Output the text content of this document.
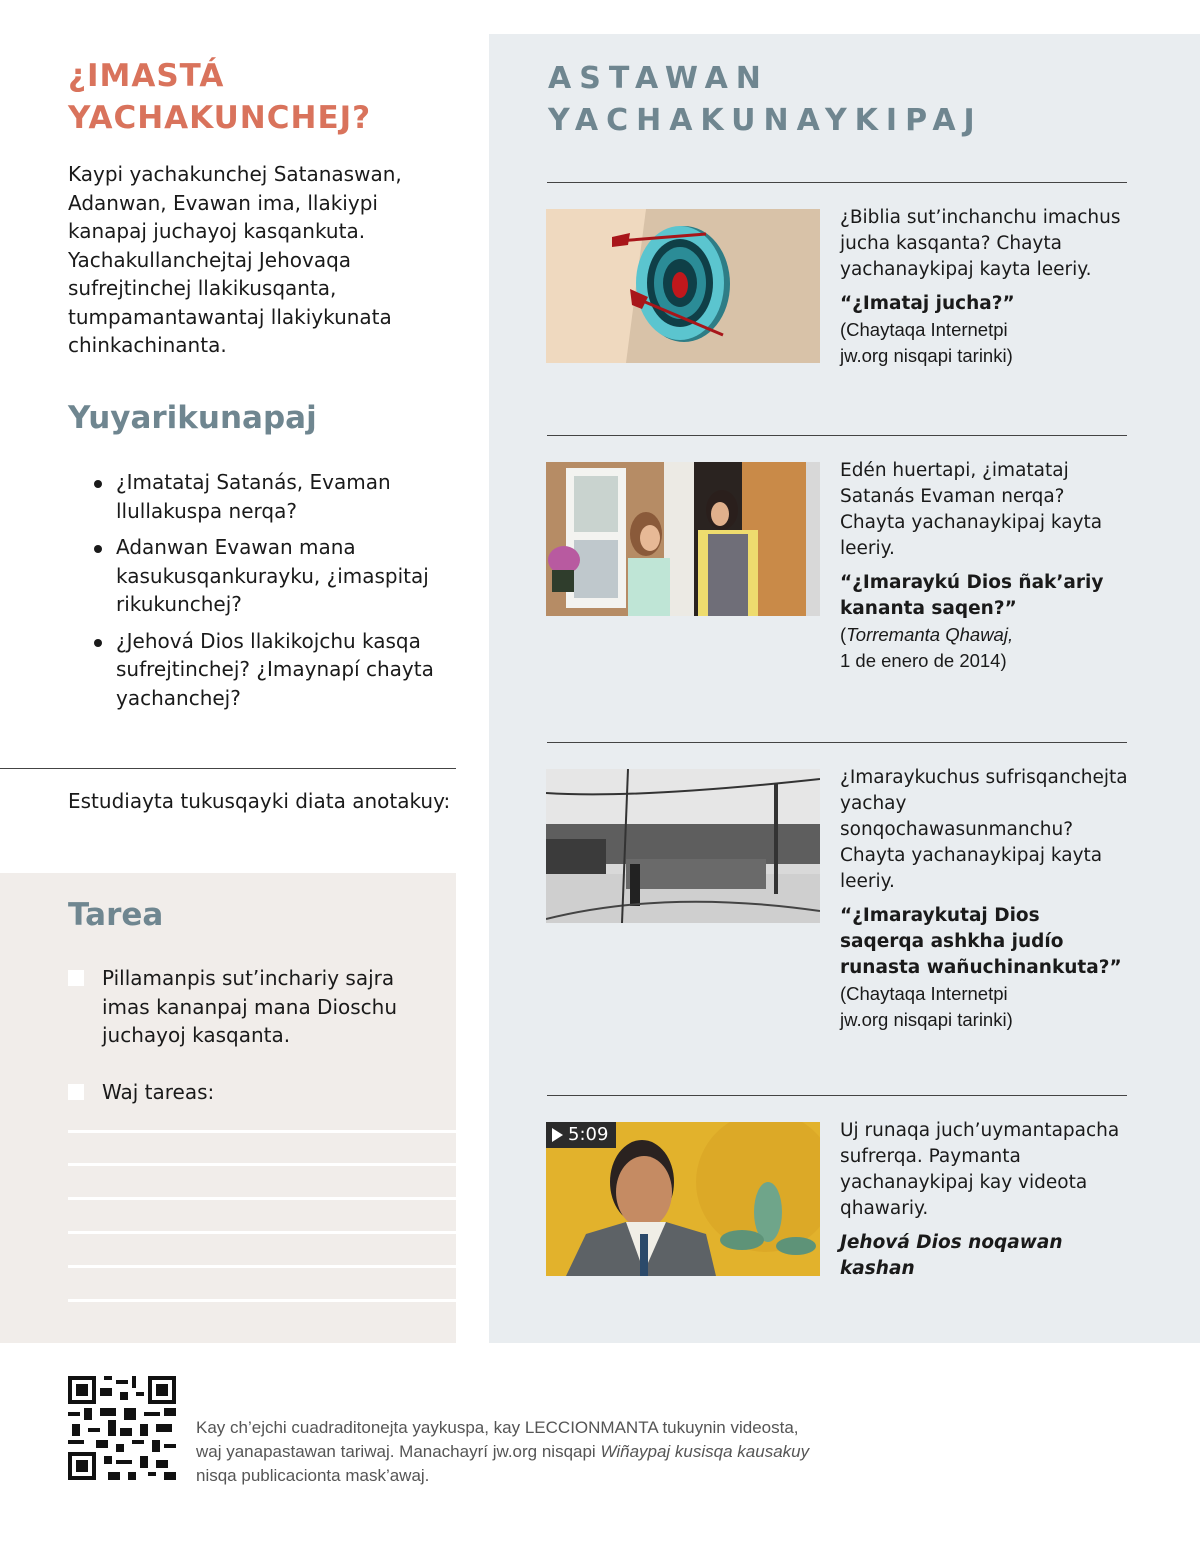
¿IMASTÁ
YACHAKUNCHEJ?

Kaypi yachakunchej Satanaswan, Adanwan, Evawan ima, llakiypi kanapaj juchayoj kasqankuta. Yachakullanchejtaj Jehovaqa sufrejtinchej llakikusqanta, tumpamantawantaj llakiykunata chinkachinanta.

Yuyarikunapaj
¿Imatataj Satanás, Evaman llullakuspa nerqa?
Adanwan Evawan mana kasukusqankurayku, ¿imaspitaj rikukunchej?
¿Jehová Dios llakikojchu kasqa sufrejtinchej? ¿Imaynapí chayta yachanchej?

Estudiayta tukusqayki diata anotakuy:

Tarea
Pillamanpis sut’inchariy sajra imas kananpaj mana Dioschu juchayoj kasqanta.
Waj tareas:
ASTAWAN
YACHAKUNAYKIPAJ

¿Biblia sut’inchanchu imachus jucha kasqanta? Chayta yachanaykipaj kayta leeriy.

“¿Imataj jucha?”

(Chaytaqa Internetpi

jw.org nisqapi tarinki)

Edén huertapi, ¿imatataj Satanás Evaman nerqa? Chayta yachanaykipaj kayta leeriy.

“¿Imaraykú Dios ñak’ariy kananta saqen?”

(Torremanta Qhawaj,

1 de enero de 2014)

¿Imaraykuchus sufrisqanchejta yachay sonqochawasunmanchu? Chayta yachanaykipaj kayta leeriy.

“¿Imaraykutaj Dios saqerqa ashkha judío runasta wañuchinankuta?”

(Chaytaqa Internetpi

jw.org nisqapi tarinki)

5:09	Uj runaqa juch’uymantapacha sufrerqa. Paymanta yachanaykipaj kay videota qhawariy.

Jehová Dios noqawan kashan

Kay ch’ejchi cuadraditonejta yaykuspa, kay LECCIONMANTA tukuynin videosta, waj yanapastawan tariwaj. Manachayrí jw.org nisqapi Wiñaypaj kusisqa kausakuy nisqa publicacionta mask’awaj.
